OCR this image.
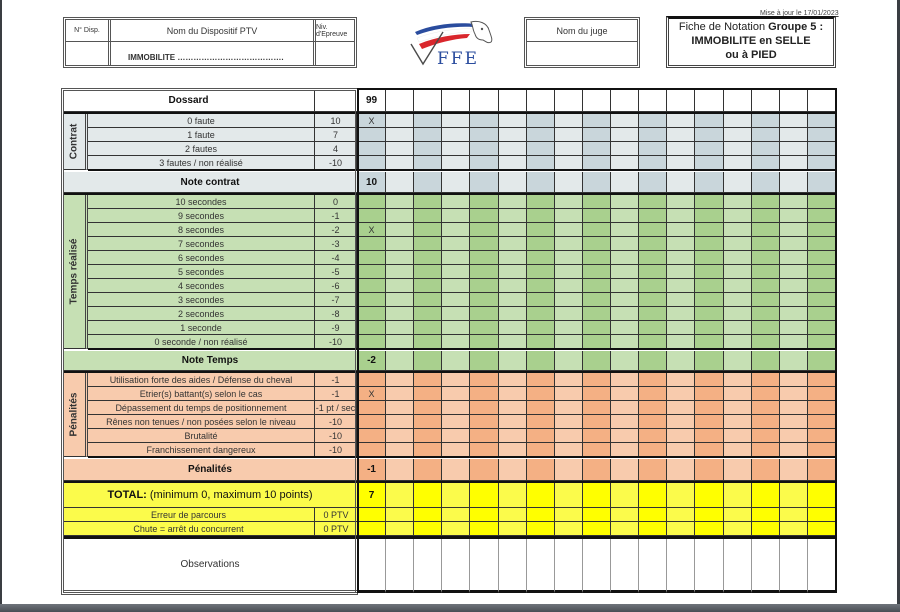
N° Disp.	Nom du Dispositif PTV	Niv. d'Epreuve
IMMOBILITE ………………………………….	FFE
Nom du juge
Mise à jour le 17/01/2023
Fiche de Notation Groupe 5 :
IMMOBILITE en SELLE
ou à PIED
Dossard	99
0 faute	10	X
1 faute	7
2 fautes	4
3 fautes / non réalisé	-10
Contrat
Note contrat	10
10 secondes	0
9 secondes	-1
8 secondes	-2	X
7 secondes	-3
6 secondes	-4
5 secondes	-5
4 secondes	-6
3 secondes	-7
2 secondes	-8
1 seconde	-9
0 seconde / non réalisé	-10
Temps réalisé
Note Temps	-2
Utilisation forte des aides / Défense du cheval	-1
Etrier(s) battant(s) selon le cas	-1	X
Dépassement du temps de positionnement	-1 pt / sec
Rênes non tenues / non posées selon le niveau	-10
Brutalité	-10
Franchissement dangereux	-10
Pénalités
Pénalités	-1
TOTAL: (minimum 0, maximum 10 points)	7
Erreur de parcours	0 PTV
Chute = arrêt du concurrent	0 PTV
Observations
